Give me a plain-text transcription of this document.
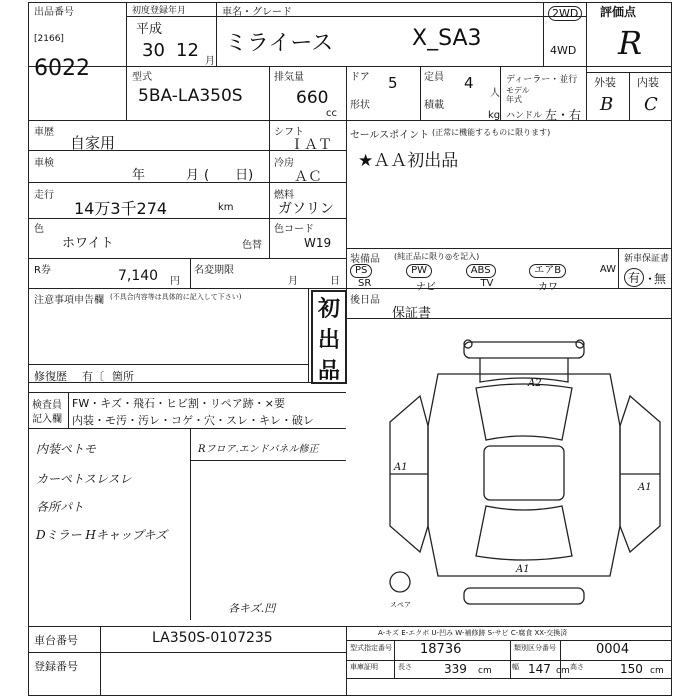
出品番号
[2166]
6022
初度登録年月
平成
30 12
月
車名・グレード
ミライース	X_SA3
2WD
4WD
評価点
R
外装 内装
B C
型式
5BA-LA350S
排気量
660
cc
ドア 5
形状
定員 4
人
積載
kg
ディーラー・並行
モデル年式
ハンドル 左・右
車歴
自家用
シフト
ＩＡＴ
車検
年	月 (　　日)
冷房
ＡＣ
走行
14万3千274	km
燃料
ガソリン
色
ホワイト	色替
色コード
W19
R券	7,140 円
名変期限
月	日
注意事項申告欄 (不具合内容等は具体的に記入して下さい)	初
出
品
修復歴 有〔 箇所
検査員
記入欄
FW・キズ・飛石・ヒビ割・リペア跡・×要
内装・モ汚・汚レ・コゲ・穴・スレ・キレ・破レ
内装ペトモ
カーペトスレスレ
各所パト
Dミラー Hキャップキズ
Rフロア.エンドパネル修正
各キズ.凹
セールスポイント (正常に機能するものに限ります)
★ＡＡ初出品
装備品 (純正品に限り◎を記入)
PS	PW	ABS	エアB	AW
SR	ナビ	TV	カワ
新車保証書
有 ・
無
後日品
保証書
A2
A1
A1
A1
スペア
A-キズ E-エクボ U-凹み W-補修跡 S-サビ C-腐食 XX-交換済
車台番号	LA350S-0107235
登録番号
型式指定番号 18736	類別区分番号	0004
車庫証明	長さ	339 cm	幅 147 cm 高さ	150 cm
